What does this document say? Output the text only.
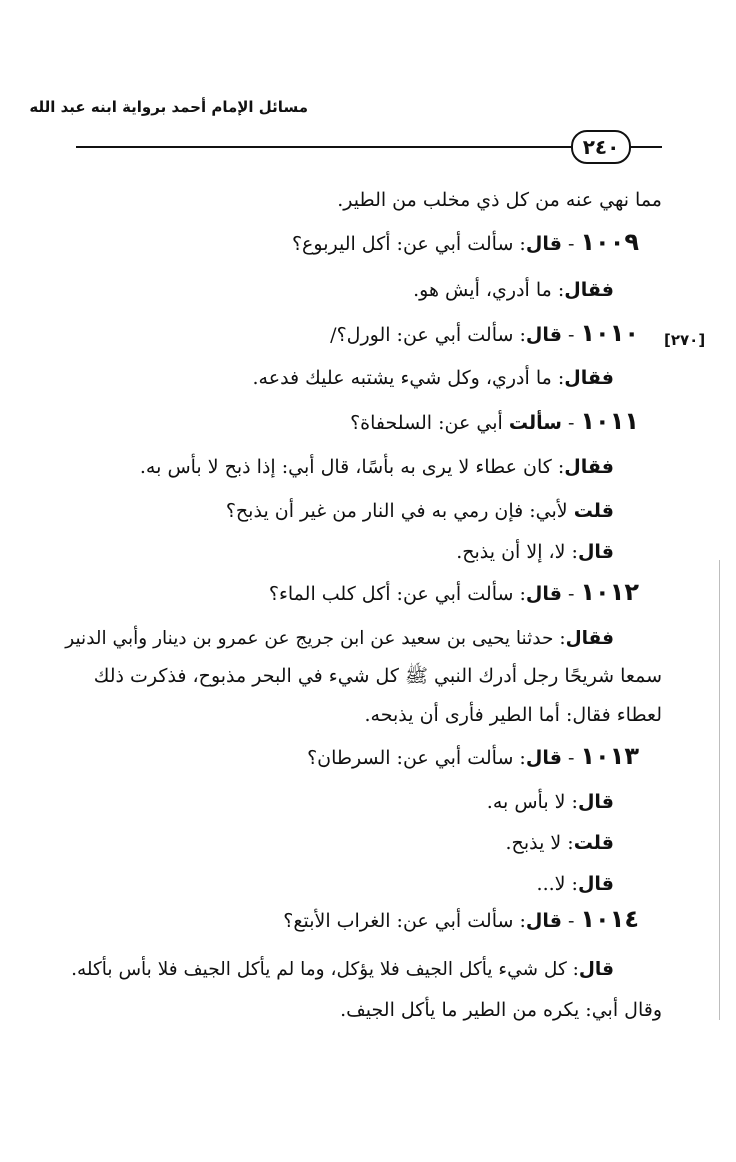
مسائل الإمام أحمد برواية ابنه عبد الله
٢٤٠
[٢٧٠]
مما نهي عنه من كل ذي مخلب من الطير.
١٠٠٩ - قال: سألت أبي عن: أكل اليربوع؟
فقال: ما أدري، أيش هو.
١٠١٠ - قال: سألت أبي عن: الورل؟/
فقال: ما أدري، وكل شيء يشتبه عليك فدعه.
١٠١١ - سألت أبي عن: السلحفاة؟
فقال: كان عطاء لا يرى به بأسًا، قال أبي: إذا ذبح لا بأس به.
قلت لأبي: فإن رمي به في النار من غير أن يذبح؟
قال: لا، إلا أن يذبح.
١٠١٢ - قال: سألت أبي عن: أكل كلب الماء؟
فقال: حدثنا يحيى بن سعيد عن ابن جريج عن عمرو بن دينار وأبي الدنير
سمعا شريحًا رجل أدرك النبي ﷺ كل شيء في البحر مذبوح، فذكرت ذلك
لعطاء فقال: أما الطير فأرى أن يذبحه.
١٠١٣ - قال: سألت أبي عن: السرطان؟
قال: لا بأس به.
قلت: لا يذبح.
قال: لا...
١٠١٤ - قال: سألت أبي عن: الغراب الأبتع؟
قال: كل شيء يأكل الجيف فلا يؤكل، وما لم يأكل الجيف فلا بأس بأكله.
وقال أبي: يكره من الطير ما يأكل الجيف.
